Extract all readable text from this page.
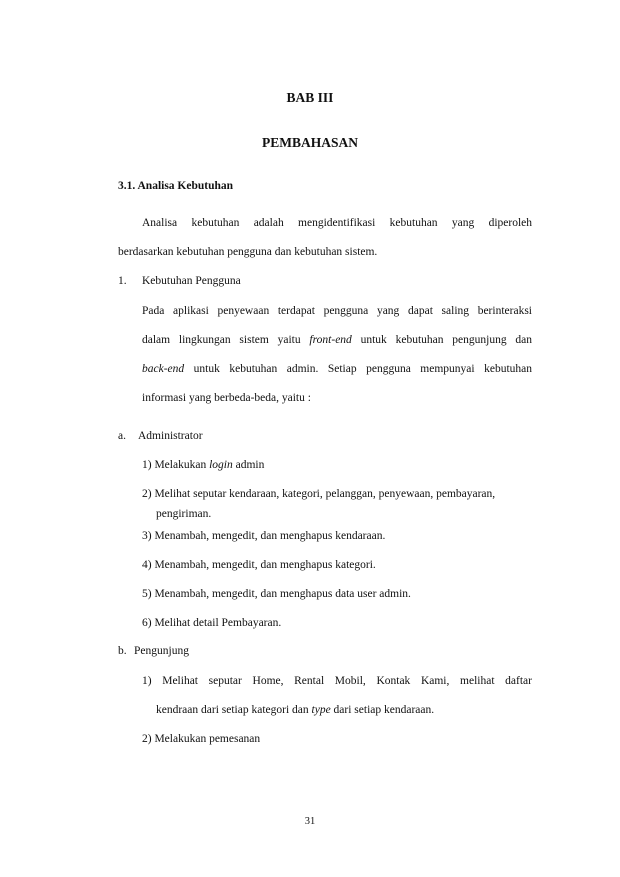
BAB III
PEMBAHASAN
3.1. Analisa Kebutuhan
Analisa kebutuhan adalah mengidentifikasi kebutuhan yang diperoleh
berdasarkan kebutuhan pengguna dan kebutuhan sistem.
1. Kebutuhan Pengguna
Pada aplikasi penyewaan terdapat pengguna yang dapat saling berinteraksi
dalam lingkungan sistem yaitu front-end untuk kebutuhan pengunjung dan
back-end untuk kebutuhan admin. Setiap pengguna mempunyai kebutuhan
informasi yang berbeda-beda, yaitu :
a. Administrator
1) Melakukan login admin
2) Melihat seputar kendaraan, kategori, pelanggan, penyewaan, pembayaran,
pengiriman.
3) Menambah, mengedit, dan menghapus kendaraan.
4) Menambah, mengedit, dan menghapus kategori.
5) Menambah, mengedit, dan menghapus data user admin.
6) Melihat detail Pembayaran.
b. Pengunjung
1) Melihat seputar Home, Rental Mobil, Kontak Kami, melihat daftar
kendraan dari setiap kategori dan type dari setiap kendaraan.
2) Melakukan pemesanan
31
